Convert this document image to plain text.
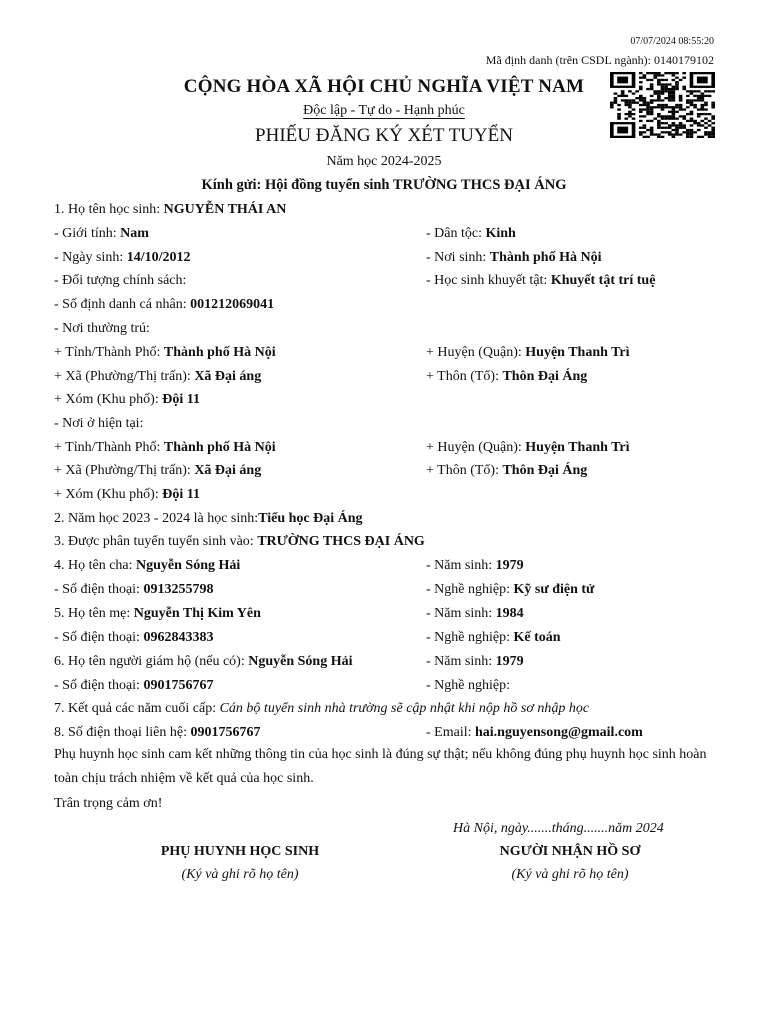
07/07/2024 08:55:20
Mã định danh (trên CSDL ngành): 0140179102
CỘNG HÒA XÃ HỘI CHỦ NGHĨA VIỆT NAM
Độc lập - Tự do - Hạnh phúc
PHIẾU ĐĂNG KÝ XÉT TUYỂN
Năm học 2024-2025
Kính gửi: Hội đồng tuyển sinh TRƯỜNG THCS ĐẠI ÁNG
1. Họ tên học sinh: NGUYỄN THÁI AN
- Giới tính: Nam	- Dân tộc: Kinh
- Ngày sinh: 14/10/2012	- Nơi sinh: Thành phố Hà Nội
- Đối tượng chính sách:	- Học sinh khuyết tật: Khuyết tật trí tuệ
- Số định danh cá nhân: 001212069041
- Nơi thường trú:
+ Tỉnh/Thành Phố: Thành phố Hà Nội	+ Huyện (Quận): Huyện Thanh Trì
+ Xã (Phường/Thị trấn): Xã Đại áng	+ Thôn (Tổ): Thôn Đại Áng
+ Xóm (Khu phố): Đội 11
- Nơi ở hiện tại:
+ Tỉnh/Thành Phố: Thành phố Hà Nội	+ Huyện (Quận): Huyện Thanh Trì
+ Xã (Phường/Thị trấn): Xã Đại áng	+ Thôn (Tổ): Thôn Đại Áng
+ Xóm (Khu phố): Đội 11
2. Năm học 2023 - 2024 là học sinh:Tiểu học Đại Áng
3. Được phân tuyển tuyển sinh vào: TRƯỜNG THCS ĐẠI ÁNG
4. Họ tên cha: Nguyễn Sóng Hải	- Năm sinh: 1979
- Số điện thoại: 0913255798	- Nghề nghiệp: Kỹ sư điện tử
5. Họ tên mẹ: Nguyễn Thị Kim Yên	- Năm sinh: 1984
- Số điện thoại: 0962843383	- Nghề nghiệp: Kế toán
6. Họ tên người giám hộ (nếu có): Nguyễn Sóng Hải	- Năm sinh: 1979
- Số điện thoại: 0901756767	- Nghề nghiệp:
7. Kết quả các năm cuối cấp: Cán bộ tuyển sinh nhà trường sẽ cập nhật khi nộp hồ sơ nhập học
8. Số điện thoại liên hệ: 0901756767	- Email: hai.nguyensong@gmail.com
Phụ huynh học sinh cam kết những thông tin của học sinh là đúng sự thật; nếu không đúng phụ huynh học sinh hoàn toàn chịu trách nhiệm về kết quả của học sinh.
Trân trọng cảm ơn!
Hà Nội, ngày.......tháng.......năm 2024
PHỤ HUYNH HỌC SINH
(Ký và ghi rõ họ tên)
NGƯỜI NHẬN HỒ SƠ
(Ký và ghi rõ họ tên)
